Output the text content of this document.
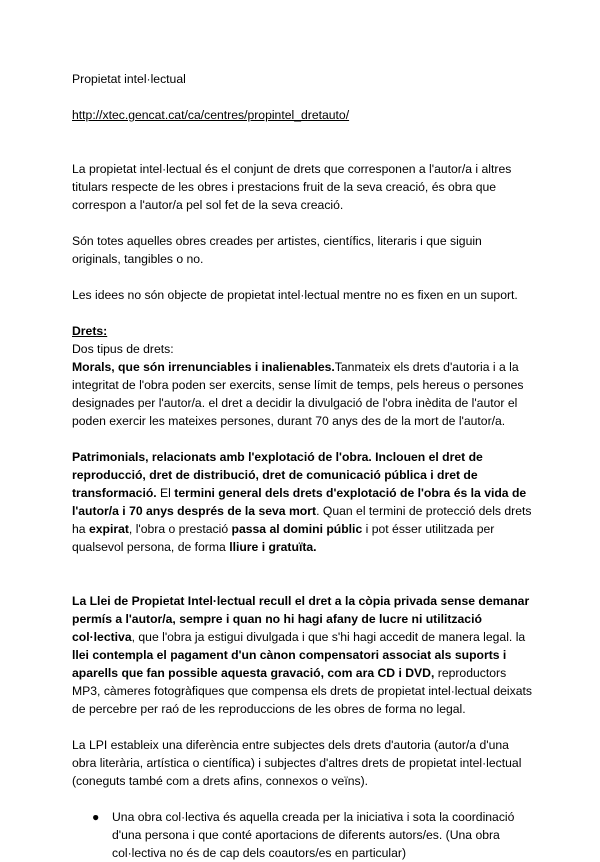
Propietat intel·lectual

http://xtec.gencat.cat/ca/centres/propintel_dretauto/

La propietat intel·lectual és el conjunt de drets que corresponen a l'autor/a i altres titulars respecte de les obres i prestacions fruit de la seva creació, és obra que correspon a l'autor/a pel sol fet de la seva creació.

Són totes aquelles obres creades per artistes, científics, literaris i que siguin originals, tangibles o no.

Les idees no són objecte de propietat intel·lectual mentre no es fixen en un suport.

Drets:

Dos tipus de drets:

Morals, que són irrenunciables i inalienables.Tanmateix els drets d'autoria i a la integritat de l'obra poden ser exercits, sense límit de temps, pels hereus o persones designades per l'autor/a. el dret a decidir la divulgació de l'obra inèdita de l'autor el poden exercir les mateixes persones, durant 70 anys des de la mort de l'autor/a.

Patrimonials, relacionats amb l'explotació de l'obra. Inclouen el dret de reproducció, dret de distribució, dret de comunicació pública i dret de transformació. El termini general dels drets d'explotació de l'obra és la vida de l'autor/a i 70 anys després de la seva mort. Quan el termini de protecció dels drets ha expirat, l'obra o prestació passa al domini públic i pot ésser utilitzada per qualsevol persona, de forma lliure i gratuïta.

La Llei de Propietat Intel·lectual recull el dret a la còpia privada sense demanar permís a l'autor/a, sempre i quan no hi hagi afany de lucre ni utilització col·lectiva, que l'obra ja estigui divulgada i que s'hi hagi accedit de manera legal. la llei contempla el pagament d'un cànon compensatori associat als suports i aparells que fan possible aquesta gravació, com ara CD i DVD, reproductors MP3, càmeres fotogràfiques que compensa els drets de propietat intel·lectual deixats de percebre per raó de les reproduccions de les obres de forma no legal.

La LPI estableix una diferència entre subjectes dels drets d'autoria (autor/a d'una obra literària, artística o científica) i subjectes d'altres drets de propietat intel·lectual (coneguts també com a drets afins, connexos o veïns).

● Una obra col·lectiva és aquella creada per la iniciativa i sota la coordinació d'una persona i que conté aportacions de diferents autors/es. (Una obra col·lectiva no és de cap dels coautors/es en particular)
